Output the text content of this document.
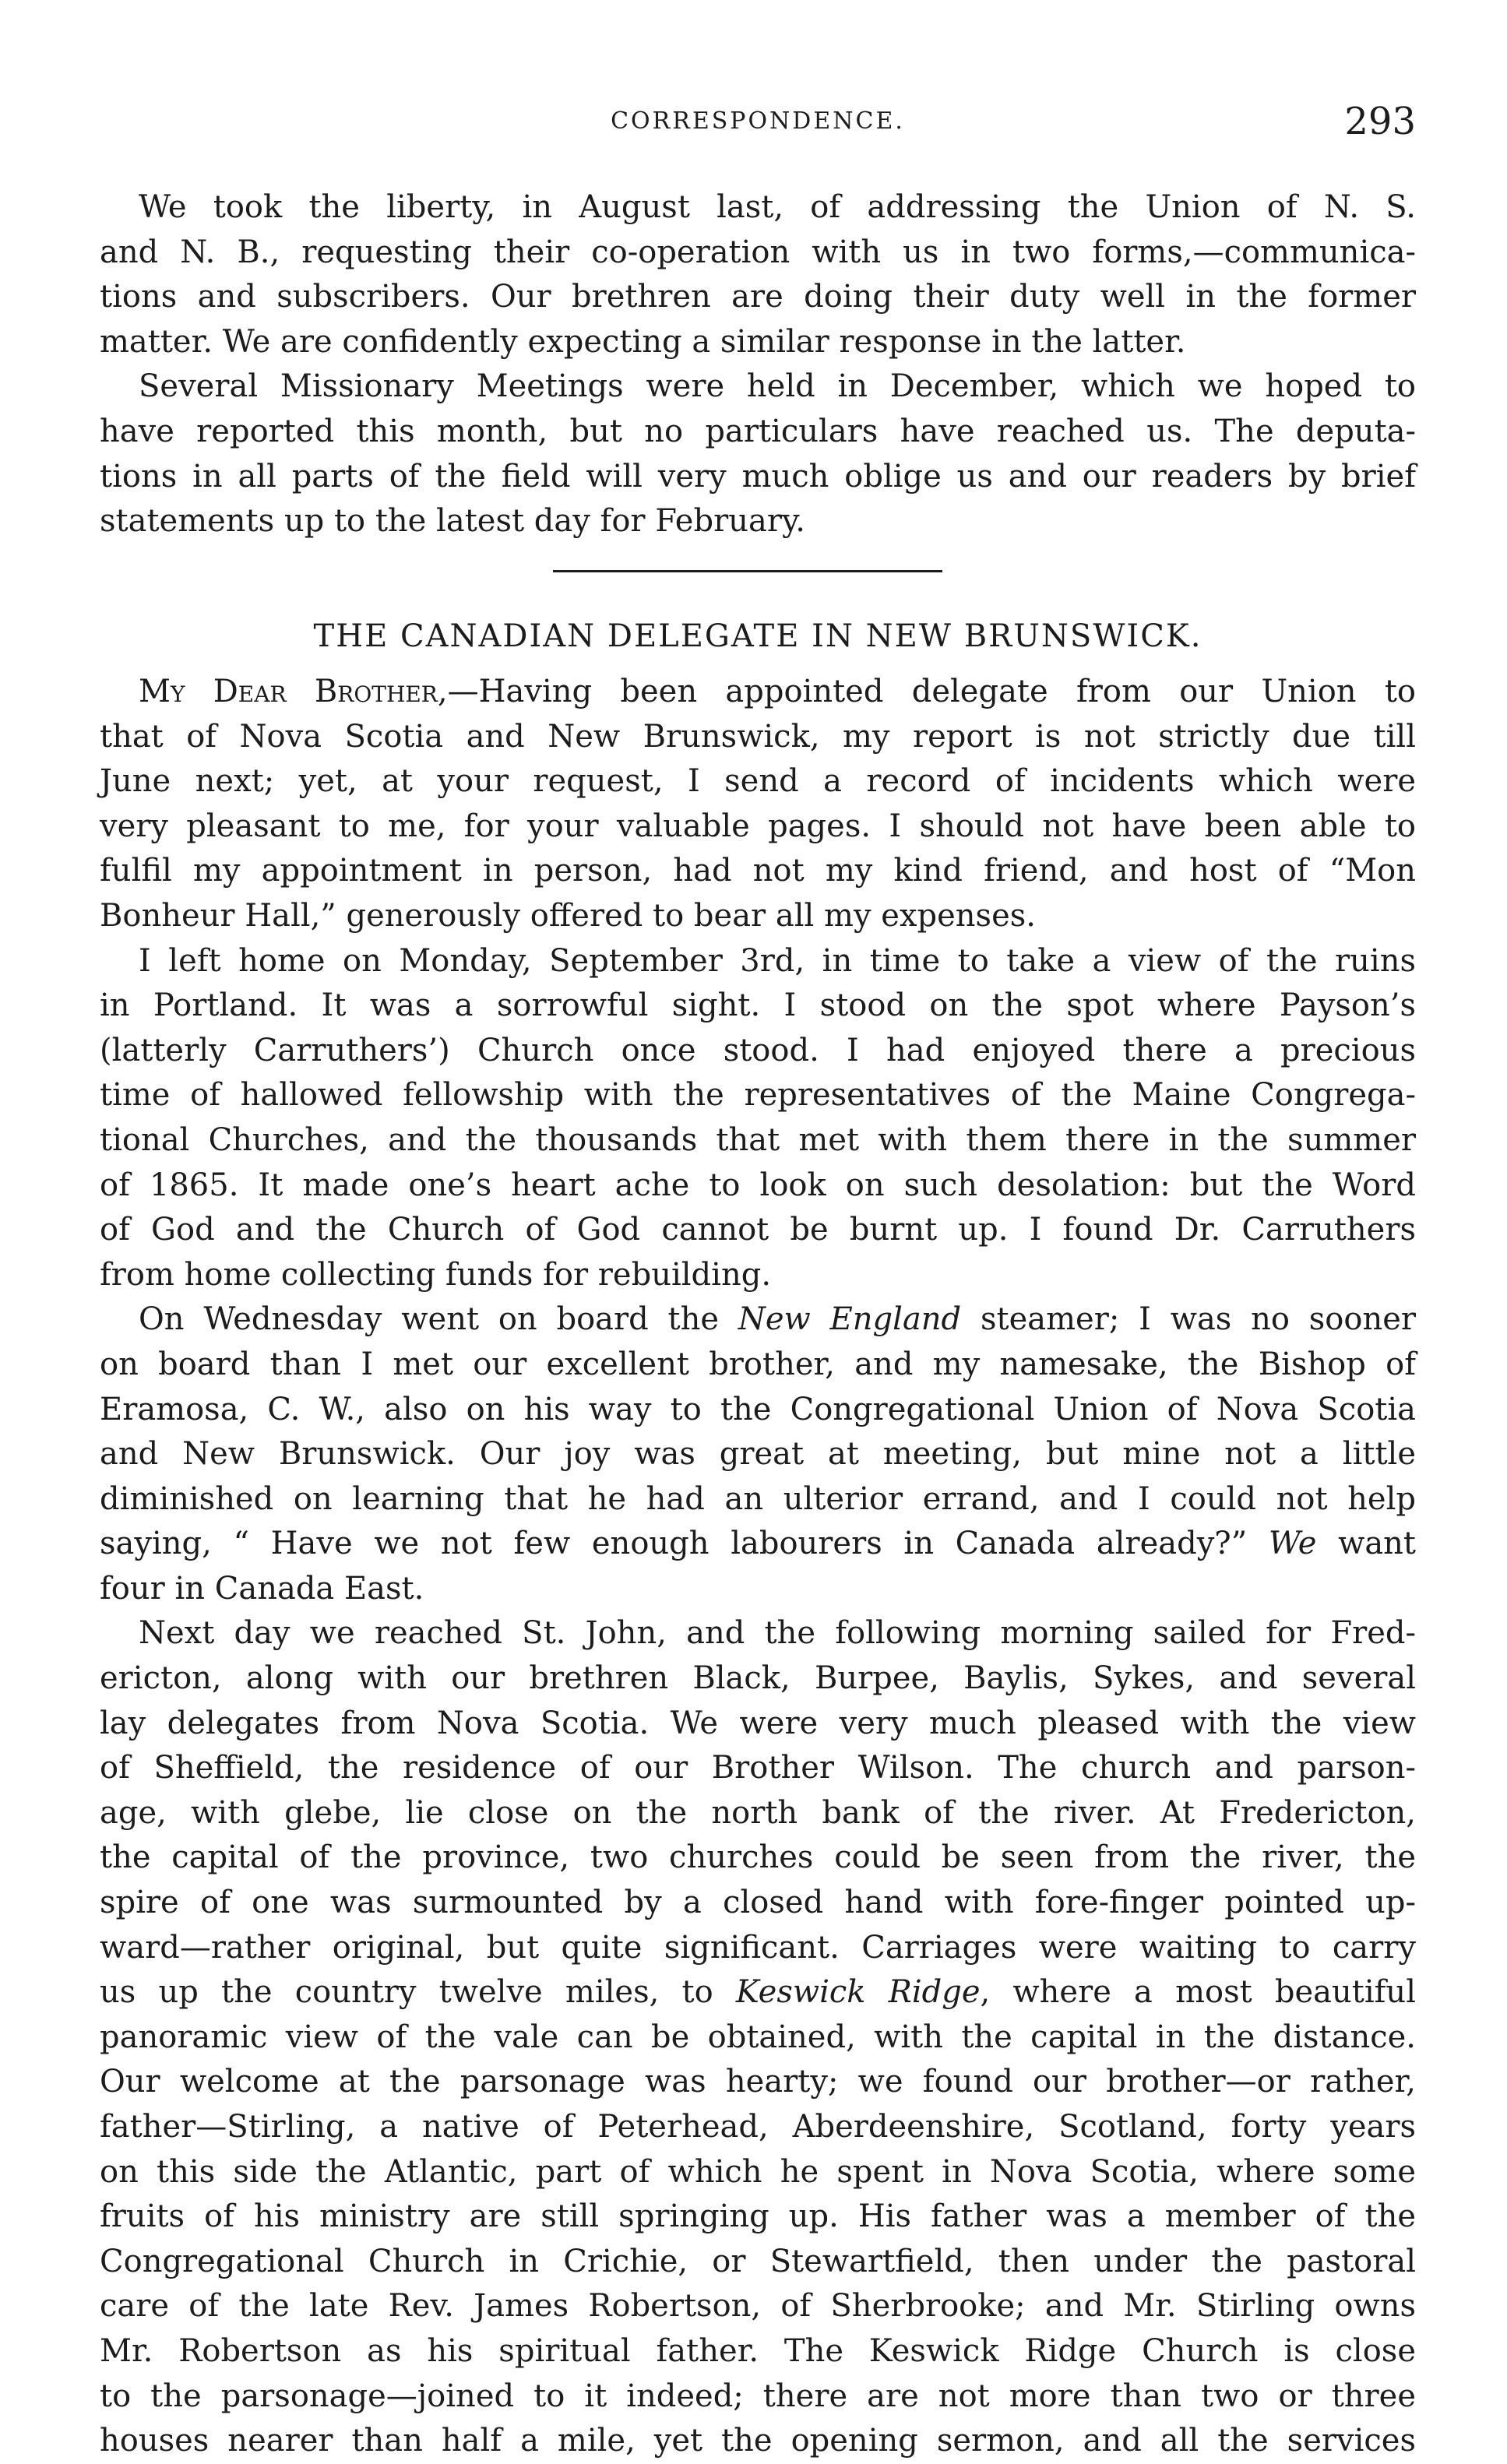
CORRESPONDENCE.	293

We took the liberty, in August last, of addressing the Union of N. S.

and N. B., requesting their co-operation with us in two forms,—communica-

tions and subscribers. Our brethren are doing their duty well in the former

matter. We are confidently expecting a similar response in the latter.

Several Missionary Meetings were held in December, which we hoped to

have reported this month, but no particulars have reached us. The deputa-

tions in all parts of the field will very much oblige us and our readers by brief

statements up to the latest day for February.

THE CANADIAN DELEGATE IN NEW BRUNSWICK.

My Dear Brother,—Having been appointed delegate from our Union to

that of Nova Scotia and New Brunswick, my report is not strictly due till

June next; yet, at your request, I send a record of incidents which were

very pleasant to me, for your valuable pages. I should not have been able to

fulfil my appointment in person, had not my kind friend, and host of “Mon

Bonheur Hall,” generously offered to bear all my expenses.

I left home on Monday, September 3rd, in time to take a view of the ruins

in Portland. It was a sorrowful sight. I stood on the spot where Payson’s

(latterly Carruthers’) Church once stood. I had enjoyed there a precious

time of hallowed fellowship with the representatives of the Maine Congrega-

tional Churches, and the thousands that met with them there in the summer

of 1865. It made one’s heart ache to look on such desolation: but the Word

of God and the Church of God cannot be burnt up. I found Dr. Carruthers

from home collecting funds for rebuilding.

On Wednesday went on board the New England steamer; I was no sooner

on board than I met our excellent brother, and my namesake, the Bishop of

Eramosa, C. W., also on his way to the Congregational Union of Nova Scotia

and New Brunswick. Our joy was great at meeting, but mine not a little

diminished on learning that he had an ulterior errand, and I could not help

saying, “ Have we not few enough labourers in Canada already?” We want

four in Canada East.

Next day we reached St. John, and the following morning sailed for Fred-

ericton, along with our brethren Black, Burpee, Baylis, Sykes, and several

lay delegates from Nova Scotia. We were very much pleased with the view

of Sheffield, the residence of our Brother Wilson. The church and parson-

age, with glebe, lie close on the north bank of the river. At Fredericton,

the capital of the province, two churches could be seen from the river, the

spire of one was surmounted by a closed hand with fore-finger pointed up-

ward—rather original, but quite significant. Carriages were waiting to carry

us up the country twelve miles, to Keswick Ridge, where a most beautiful

panoramic view of the vale can be obtained, with the capital in the distance.

Our welcome at the parsonage was hearty; we found our brother—or rather,

father—Stirling, a native of Peterhead, Aberdeenshire, Scotland, forty years

on this side the Atlantic, part of which he spent in Nova Scotia, where some

fruits of his ministry are still springing up. His father was a member of the

Congregational Church in Crichie, or Stewartfield, then under the pastoral

care of the late Rev. James Robertson, of Sherbrooke; and Mr. Stirling owns

Mr. Robertson as his spiritual father. The Keswick Ridge Church is close

to the parsonage—joined to it indeed; there are not more than two or three

houses nearer than half a mile, yet the opening sermon, and all the services
